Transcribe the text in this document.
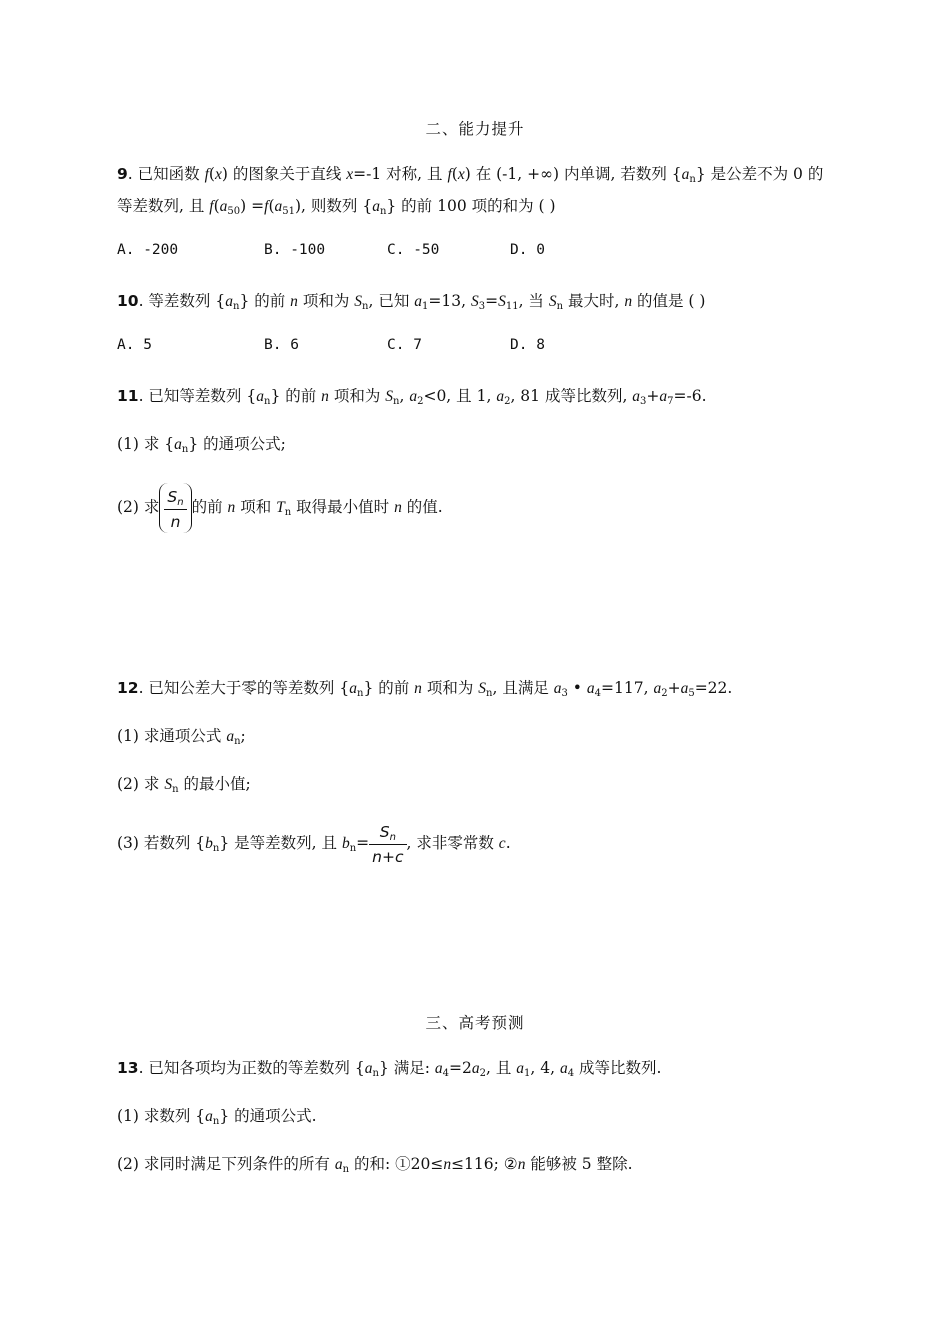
二、能力提升
9. 已知函数 f(x) 的图象关于直线 x=-1 对称, 且 f(x) 在 (-1, +∞) 内单调, 若数列 $\{a_n\}$ 是公差不为 0 的
等差数列, 且 $f(a_{50}) =f(a_{51})$, 则数列 $\{a_n\}$ 的前 100 项的和为 ( )
A. -200	B. -100	C. -50	D. 0
10. 等差数列 $\{a_n\}$ 的前 n 项和为 $S_n$, 已知 $a_1=13$, $S_3=S_{11}$, 当 $S_n$ 最大时, n 的值是 ( )
A. 5	B. 6	C. 7	D. 8
11. 已知等差数列 $\{a_n\}$ 的前 n 项和为 $S_n$, $a_2<0$, 且 1, $a_2$, 81 成等比数列, $a_3+a_7=-6$.
(1) 求 $\{a_n\}$ 的通项公式;
(2) 求 $\frac{S_n}{n}$ 的前 n 项和 $T_n$ 取得最小值时 n 的值.
12. 已知公差大于零的等差数列 $\{a_n\}$ 的前 n 项和为 $S_n$, 且满足 $a_3$ • $a_4=117$, $a_2+a_5=22$.
(1) 求通项公式 $a_n$;
(2) 求 $S_n$ 的最小值;
(3) 若数列 $\{b_n\}$ 是等差数列, 且 $b_n= \frac{S_n}{n+c}$ , 求非零常数 c.
三、高考预测
13. 已知各项均为正数的等差数列 $\{a_n\}$ 满足: $a_4=2a_2$, 且 $a_1$, 4, $a_4$ 成等比数列.
(1) 求数列 $\{a_n\}$ 的通项公式.
(2) 求同时满足下列条件的所有 $a_n$ 的和: ①20≤n≤116; ②n 能够被 5 整除.
